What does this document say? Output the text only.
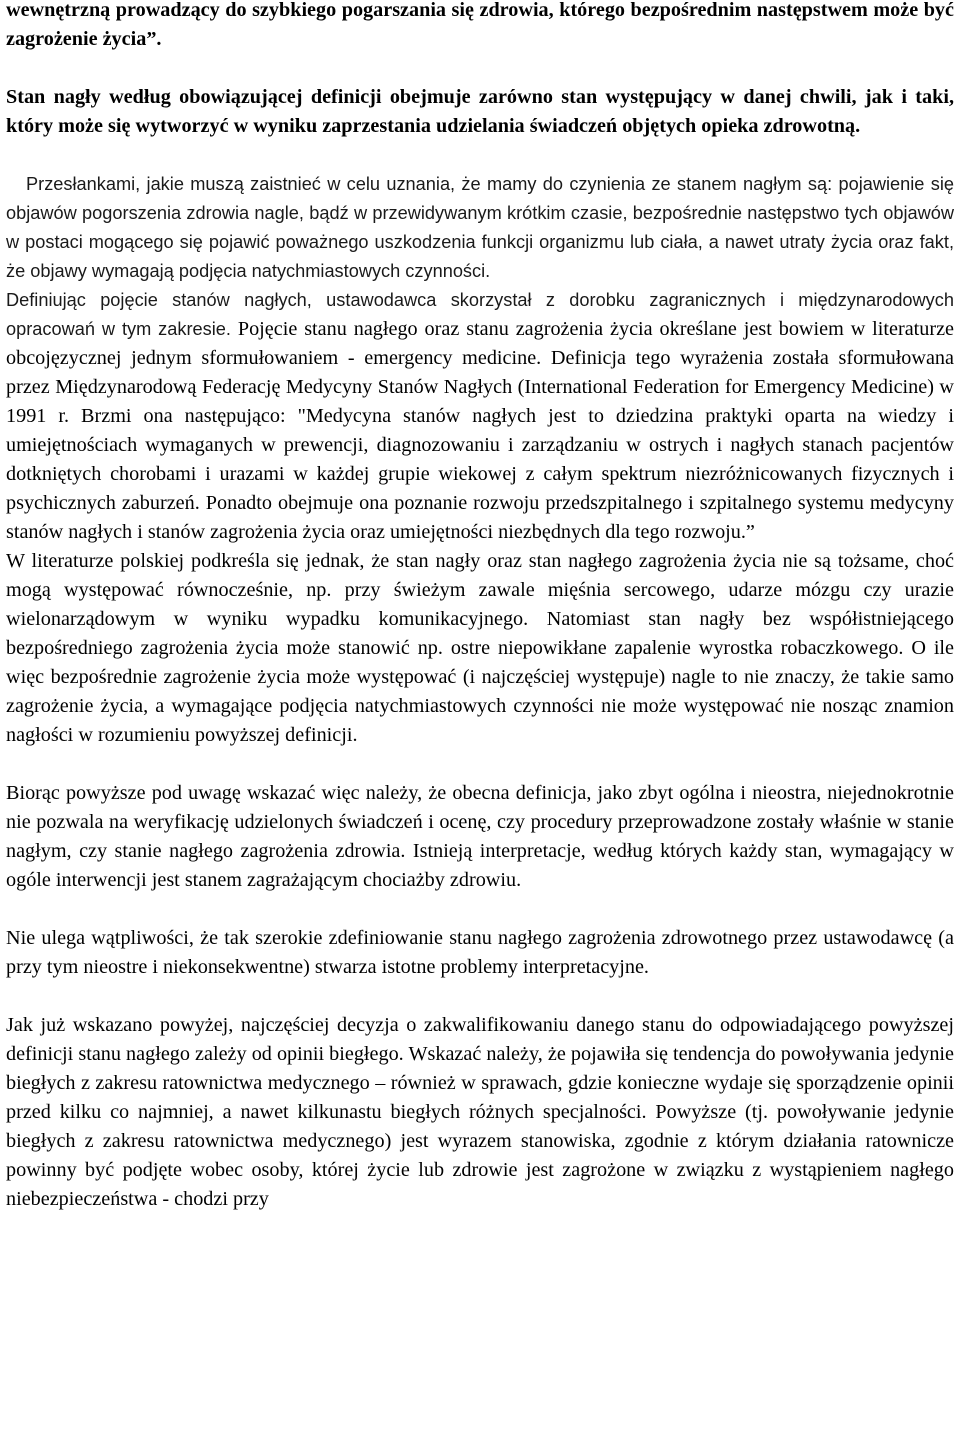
wewnętrzną prowadzący do szybkiego pogarszania się zdrowia, którego bezpośrednim następstwem może być zagrożenie życia”.

Stan nagły według obowiązującej definicji obejmuje zarówno stan występujący w danej chwili, jak i taki, który może się wytworzyć w wyniku zaprzestania udzielania świadczeń objętych opieka zdrowotną.

Przesłankami, jakie muszą zaistnieć w celu uznania, że mamy do czynienia ze stanem nagłym są: pojawienie się objawów pogorszenia zdrowia nagle, bądź w przewidywanym krótkim czasie, bezpośrednie następstwo tych objawów w postaci mogącego się pojawić poważnego uszkodzenia funkcji organizmu lub ciała, a nawet utraty życia oraz fakt, że objawy wymagają podjęcia natychmiastowych czynności.

Definiując pojęcie stanów nagłych, ustawodawca skorzystał z dorobku zagranicznych i międzynarodowych opracowań w tym zakresie. Pojęcie stanu nagłego oraz stanu zagrożenia życia określane jest bowiem w literaturze obcojęzycznej jednym sformułowaniem - emergency medicine. Definicja tego wyrażenia została sformułowana przez Międzynarodową Federację Medycyny Stanów Nagłych (International Federation for Emergency Medicine) w 1991 r. Brzmi ona następująco: "Medycyna stanów nagłych jest to dziedzina praktyki oparta na wiedzy i umiejętnościach wymaganych w prewencji, diagnozowaniu i zarządzaniu w ostrych i nagłych stanach pacjentów dotkniętych chorobami i urazami w każdej grupie wiekowej z całym spektrum niezróżnicowanych fizycznych i psychicznych zaburzeń. Ponadto obejmuje ona poznanie rozwoju przedszpitalnego i szpitalnego systemu medycyny stanów nagłych i stanów zagrożenia życia oraz umiejętności niezbędnych dla tego rozwoju.”

W literaturze polskiej podkreśla się jednak, że stan nagły oraz stan nagłego zagrożenia życia nie są tożsame, choć mogą występować równocześnie, np. przy świeżym zawale mięśnia sercowego, udarze mózgu czy urazie wielonarządowym w wyniku wypadku komunikacyjnego. Natomiast stan nagły bez współistniejącego bezpośredniego zagrożenia życia może stanowić np. ostre niepowikłane zapalenie wyrostka robaczkowego. O ile więc bezpośrednie zagrożenie życia może występować (i najczęściej występuje) nagle to nie znaczy, że takie samo zagrożenie życia, a wymagające podjęcia natychmiastowych czynności nie może występować nie nosząc znamion nagłości w rozumieniu powyższej definicji.

Biorąc powyższe pod uwagę wskazać więc należy, że obecna definicja, jako zbyt ogólna i nieostra, niejednokrotnie nie pozwala na weryfikację udzielonych świadczeń i ocenę, czy procedury przeprowadzone zostały właśnie w stanie nagłym, czy stanie nagłego zagrożenia zdrowia. Istnieją interpretacje, według których każdy stan, wymagający w ogóle interwencji jest stanem zagrażającym chociażby zdrowiu.

Nie ulega wątpliwości, że tak szerokie zdefiniowanie stanu nagłego zagrożenia zdrowotnego przez ustawodawcę (a przy tym nieostre i niekonsekwentne) stwarza istotne problemy interpretacyjne.

Jak już wskazano powyżej, najczęściej decyzja o zakwalifikowaniu danego stanu do odpowiadającego powyższej definicji stanu nagłego zależy od opinii biegłego. Wskazać należy, że pojawiła się tendencja do powoływania jedynie biegłych z zakresu ratownictwa medycznego – również w sprawach, gdzie konieczne wydaje się sporządzenie opinii przed kilku co najmniej, a nawet kilkunastu biegłych różnych specjalności. Powyższe (tj. powoływanie jedynie biegłych z zakresu ratownictwa medycznego) jest wyrazem stanowiska, zgodnie z którym działania ratownicze powinny być podjęte wobec osoby, której życie lub zdrowie jest zagrożone w związku z wystąpieniem nagłego niebezpieczeństwa - chodzi przy
